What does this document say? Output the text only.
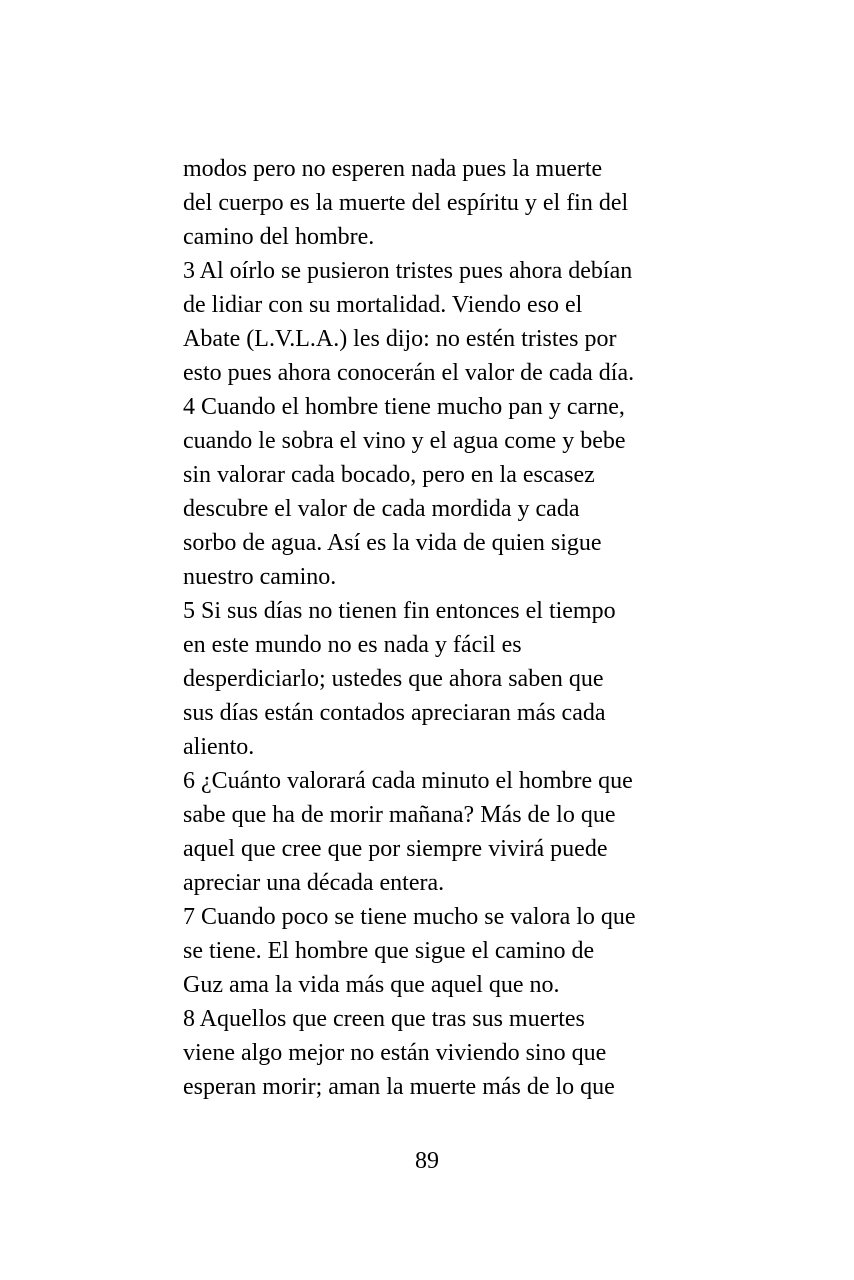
modos pero no esperen nada pues la muerte
del cuerpo es la muerte del espíritu y el fin del
camino del hombre.
3 Al oírlo se pusieron tristes pues ahora debían
de lidiar con su mortalidad. Viendo eso el
Abate (L.V.L.A.) les dijo: no estén tristes por
esto pues ahora conocerán el valor de cada día.
4 Cuando el hombre tiene mucho pan y carne,
cuando le sobra el vino y el agua come y bebe
sin valorar cada bocado, pero en la escasez
descubre el valor de cada mordida y cada
sorbo de agua. Así es la vida de quien sigue
nuestro camino.
5 Si sus días no tienen fin entonces el tiempo
en este mundo no es nada y fácil es
desperdiciarlo; ustedes que ahora saben que
sus días están contados apreciaran más cada
aliento.
6 ¿Cuánto valorará cada minuto el hombre que
sabe que ha de morir mañana? Más de lo que
aquel que cree que por siempre vivirá puede
apreciar una década entera.
7 Cuando poco se tiene mucho se valora lo que
se tiene. El hombre que sigue el camino de
Guz ama la vida más que aquel que no.
8 Aquellos que creen que tras sus muertes
viene algo mejor no están viviendo sino que
esperan morir; aman la muerte más de lo que
89
